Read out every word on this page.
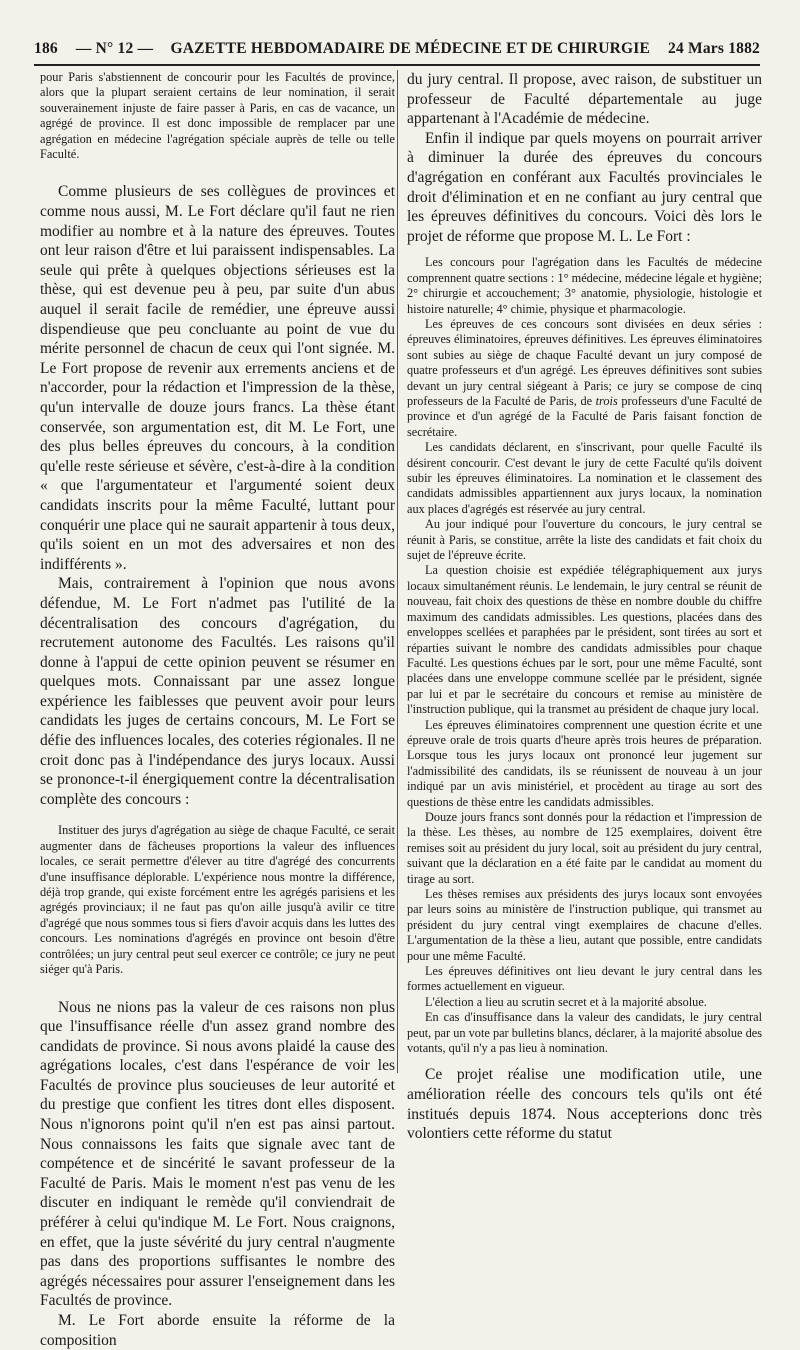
186 — N° 12 — GAZETTE HEBDOMADAIRE DE MÉDECINE ET DE CHIRURGIE 24 Mars 1882

pour Paris s'abstiennent de concourir pour les Facultés de province, alors que la plupart seraient certains de leur nomination, il serait souverainement injuste de faire passer à Paris, en cas de vacance, un agrégé de province. Il est donc impossible de remplacer par une agrégation en médecine l'agrégation spéciale auprès de telle ou telle Faculté.

Comme plusieurs de ses collègues de provinces et comme nous aussi, M. Le Fort déclare qu'il faut ne rien modifier au nombre et à la nature des épreuves. Toutes ont leur raison d'être et lui paraissent indispensables. La seule qui prête à quelques objections sérieuses est la thèse, qui est devenue peu à peu, par suite d'un abus auquel il serait facile de remédier, une épreuve aussi dispendieuse que peu concluante au point de vue du mérite personnel de chacun de ceux qui l'ont signée. M. Le Fort propose de revenir aux errements anciens et de n'accorder, pour la rédaction et l'impression de la thèse, qu'un intervalle de douze jours francs. La thèse étant conservée, son argumentation est, dit M. Le Fort, une des plus belles épreuves du concours, à la condition qu'elle reste sérieuse et sévère, c'est-à-dire à la condition « que l'argumentateur et l'argumenté soient deux candidats inscrits pour la même Faculté, luttant pour conquérir une place qui ne saurait appartenir à tous deux, qu'ils soient en un mot des adversaires et non des indifférents ».

Mais, contrairement à l'opinion que nous avons défendue, M. Le Fort n'admet pas l'utilité de la décentralisation des concours d'agrégation, du recrutement autonome des Facultés. Les raisons qu'il donne à l'appui de cette opinion peuvent se résumer en quelques mots. Connaissant par une assez longue expérience les faiblesses que peuvent avoir pour leurs candidats les juges de certains concours, M. Le Fort se défie des influences locales, des coteries régionales. Il ne croit donc pas à l'indépendance des jurys locaux. Aussi se prononce-t-il énergiquement contre la décentralisation complète des concours :

Instituer des jurys d'agrégation au siège de chaque Faculté, ce serait augmenter dans de fâcheuses proportions la valeur des influences locales, ce serait permettre d'élever au titre d'agrégé des concurrents d'une insuffisance déplorable. L'expérience nous montre la différence, déjà trop grande, qui existe forcément entre les agrégés parisiens et les agrégés provinciaux; il ne faut pas qu'on aille jusqu'à avilir ce titre d'agrégé que nous sommes tous si fiers d'avoir acquis dans les luttes des concours. Les nominations d'agrégés en province ont besoin d'être contrôlées; un jury central peut seul exercer ce contrôle; ce jury ne peut siéger qu'à Paris.

Nous ne nions pas la valeur de ces raisons non plus que l'insuffisance réelle d'un assez grand nombre des candidats de province. Si nous avons plaidé la cause des agrégations locales, c'est dans l'espérance de voir les Facultés de province plus soucieuses de leur autorité et du prestige que confient les titres dont elles disposent. Nous n'ignorons point qu'il n'en est pas ainsi partout. Nous connaissons les faits que signale avec tant de compétence et de sincérité le savant professeur de la Faculté de Paris. Mais le moment n'est pas venu de les discuter en indiquant le remède qu'il conviendrait de préférer à celui qu'indique M. Le Fort. Nous craignons, en effet, que la juste sévérité du jury central n'augmente pas dans des proportions suffisantes le nombre des agrégés nécessaires pour assurer l'enseignement dans les Facultés de province.

M. Le Fort aborde ensuite la réforme de la composition

du jury central. Il propose, avec raison, de substituer un professeur de Faculté départementale au juge appartenant à l'Académie de médecine.

Enfin il indique par quels moyens on pourrait arriver à diminuer la durée des épreuves du concours d'agrégation en conférant aux Facultés provinciales le droit d'élimination et en ne confiant au jury central que les épreuves définitives du concours. Voici dès lors le projet de réforme que propose M. L. Le Fort :

Les concours pour l'agrégation dans les Facultés de médecine comprennent quatre sections : 1° médecine, médecine légale et hygiène; 2° chirurgie et accouchement; 3° anatomie, physiologie, histologie et histoire naturelle; 4° chimie, physique et pharmacologie.

Les épreuves de ces concours sont divisées en deux séries : épreuves éliminatoires, épreuves définitives. Les épreuves éliminatoires sont subies au siège de chaque Faculté devant un jury composé de quatre professeurs et d'un agrégé. Les épreuves définitives sont subies devant un jury central siégeant à Paris; ce jury se compose de cinq professeurs de la Faculté de Paris, de trois professeurs d'une Faculté de province et d'un agrégé de la Faculté de Paris faisant fonction de secrétaire.

Les candidats déclarent, en s'inscrivant, pour quelle Faculté ils désirent concourir. C'est devant le jury de cette Faculté qu'ils doivent subir les épreuves éliminatoires. La nomination et le classement des candidats admissibles appartiennent aux jurys locaux, la nomination aux places d'agrégés est réservée au jury central.

Au jour indiqué pour l'ouverture du concours, le jury central se réunit à Paris, se constitue, arrête la liste des candidats et fait choix du sujet de l'épreuve écrite.

La question choisie est expédiée télégraphiquement aux jurys locaux simultanément réunis. Le lendemain, le jury central se réunit de nouveau, fait choix des questions de thèse en nombre double du chiffre maximum des candidats admissibles. Les questions, placées dans des enveloppes scellées et paraphées par le président, sont tirées au sort et réparties suivant le nombre des candidats admissibles pour chaque Faculté. Les questions échues par le sort, pour une même Faculté, sont placées dans une enveloppe commune scellée par le président, signée par lui et par le secrétaire du concours et remise au ministère de l'instruction publique, qui la transmet au président de chaque jury local.

Les épreuves éliminatoires comprennent une question écrite et une épreuve orale de trois quarts d'heure après trois heures de préparation. Lorsque tous les jurys locaux ont prononcé leur jugement sur l'admissibilité des candidats, ils se réunissent de nouveau à un jour indiqué par un avis ministériel, et procèdent au tirage au sort des questions de thèse entre les candidats admissibles.

Douze jours francs sont donnés pour la rédaction et l'impression de la thèse. Les thèses, au nombre de 125 exemplaires, doivent être remises soit au président du jury local, soit au président du jury central, suivant que la déclaration en a été faite par le candidat au moment du tirage au sort.

Les thèses remises aux présidents des jurys locaux sont envoyées par leurs soins au ministère de l'instruction publique, qui transmet au président du jury central vingt exemplaires de chacune d'elles. L'argumentation de la thèse a lieu, autant que possible, entre candidats pour une même Faculté.

Les épreuves définitives ont lieu devant le jury central dans les formes actuellement en vigueur.

L'élection a lieu au scrutin secret et à la majorité absolue.

En cas d'insuffisance dans la valeur des candidats, le jury central peut, par un vote par bulletins blancs, déclarer, à la majorité absolue des votants, qu'il n'y a pas lieu à nomination.

Ce projet réalise une modification utile, une amélioration réelle des concours tels qu'ils ont été institués depuis 1874. Nous accepterions donc très volontiers cette réforme du statut
